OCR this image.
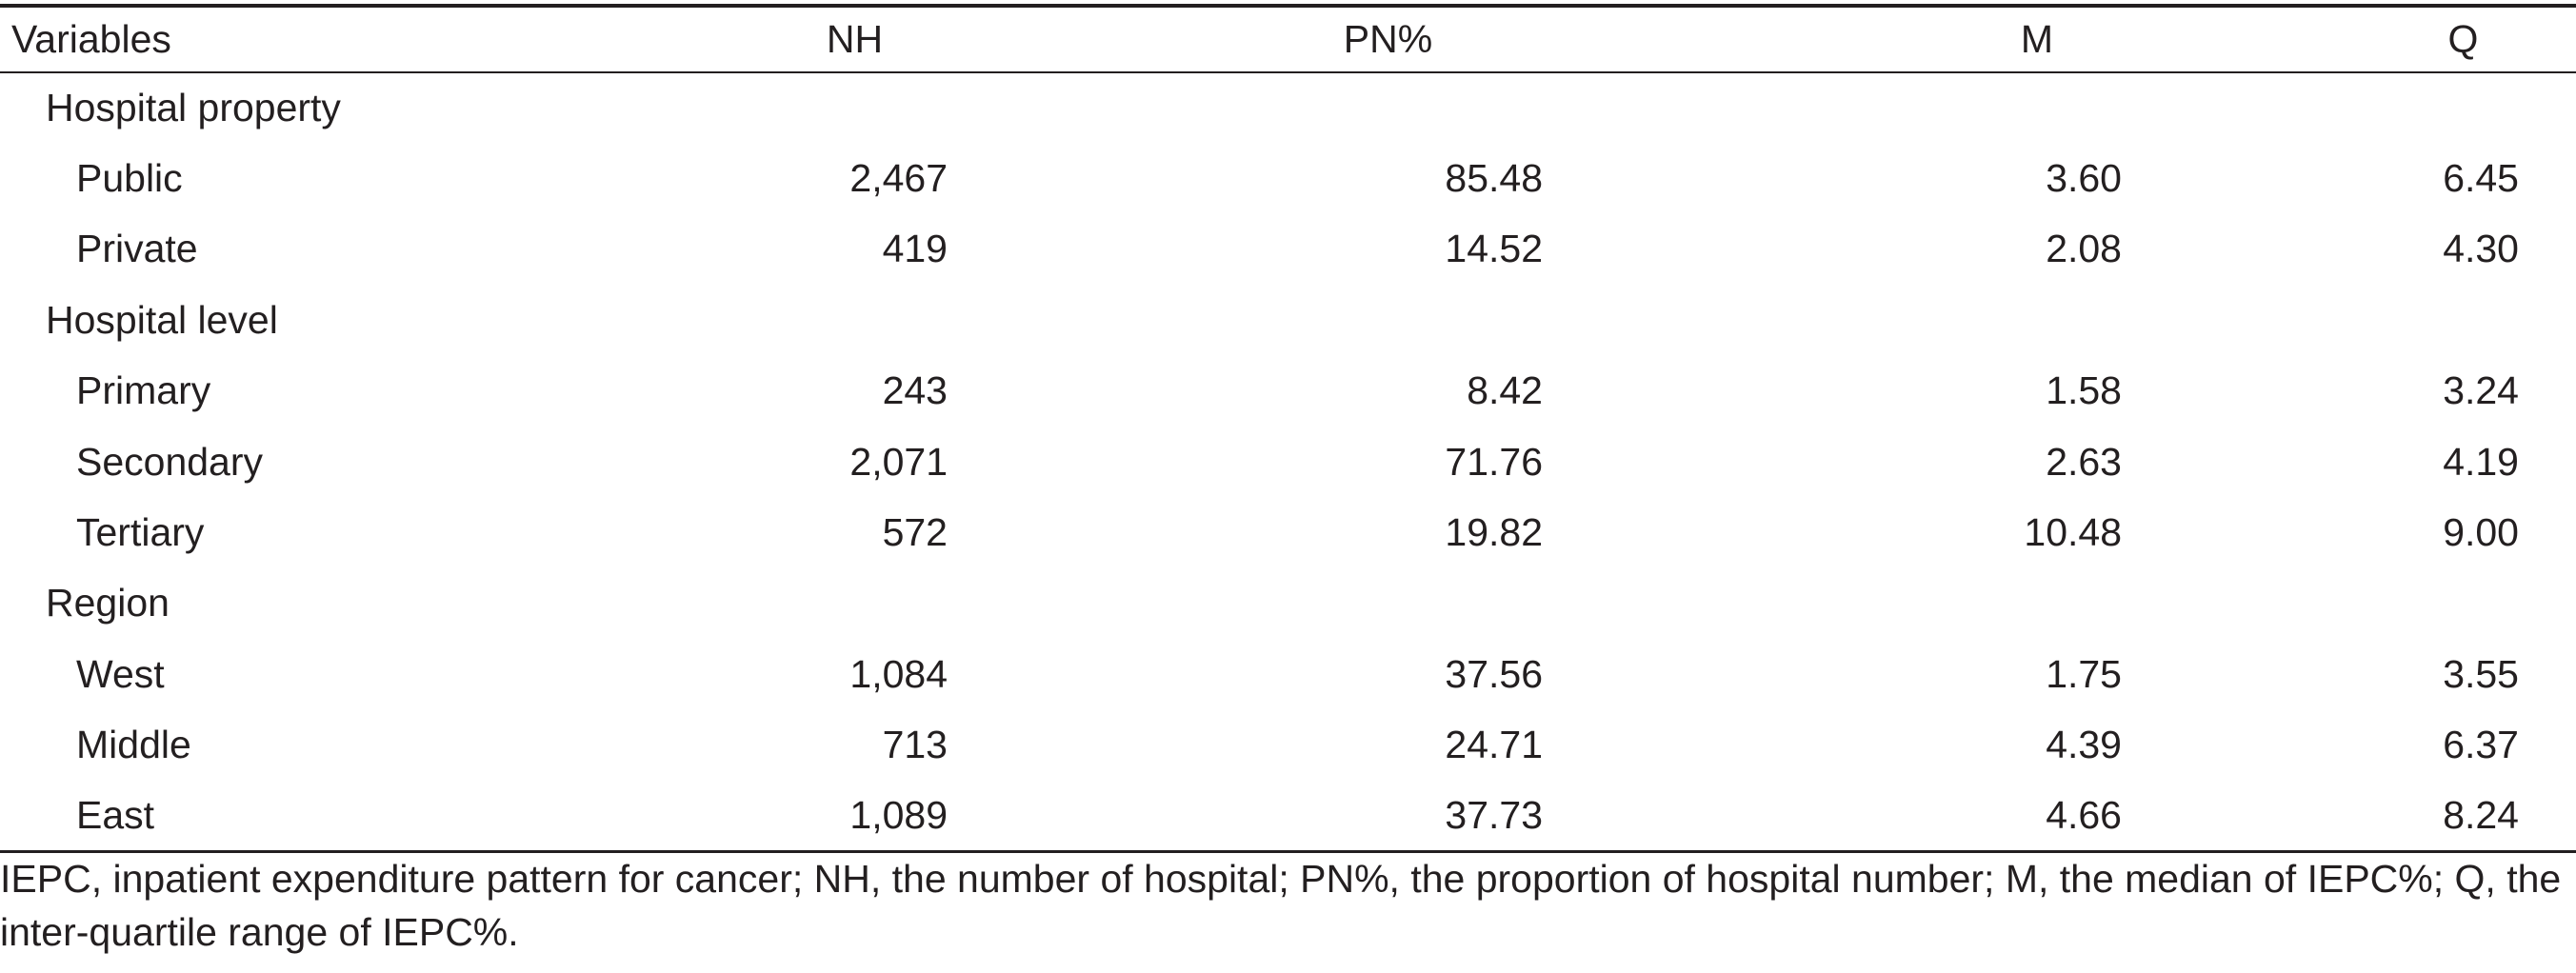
Variables	NH	PN%	M	Q
Hospital property				
Public	2,467	85.48	3.60	6.45
Private	419	14.52	2.08	4.30
Hospital level				
Primary	243	8.42	1.58	3.24
Secondary	2,071	71.76	2.63	4.19
Tertiary	572	19.82	10.48	9.00
Region				
West	1,084	37.56	1.75	3.55
Middle	713	24.71	4.39	6.37
East	1,089	37.73	4.66	8.24

IEPC, inpatient expenditure pattern for cancer; NH, the number of hospital; PN%, the proportion of hospital number; M, the median of IEPC%; Q, the inter-quartile range of IEPC%.
